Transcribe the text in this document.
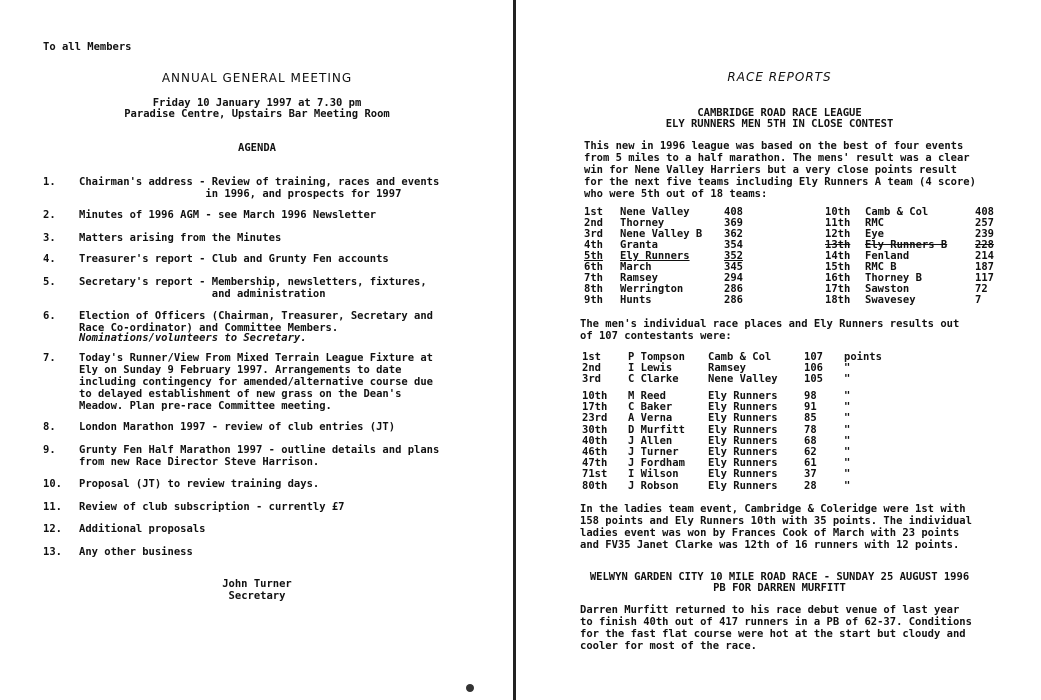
To all Members
ANNUAL GENERAL MEETING
Friday 10 January 1997 at 7.30 pm
Paradise Centre, Upstairs Bar Meeting Room
AGENDA
1. Chairman's address - Review of training, races and events
in 1996, and prospects for 1997
2. Minutes of 1996 AGM - see March 1996 Newsletter
3. Matters arising from the Minutes
4. Treasurer's report - Club and Grunty Fen accounts
5. Secretary's report - Membership, newsletters, fixtures,
and administration
6. Election of Officers (Chairman, Treasurer, Secretary and
Race Co-ordinator) and Committee Members.
Nominations/volunteers to Secretary.
7. Today's Runner/View From Mixed Terrain League Fixture at
Ely on Sunday 9 February 1997. Arrangements to date
including contingency for amended/alternative course due
to delayed establishment of new grass on the Dean's
Meadow. Plan pre-race Committee meeting.
8. London Marathon 1997 - review of club entries (JT)
9. Grunty Fen Half Marathon 1997 - outline details and plans
from new Race Director Steve Harrison.
10. Proposal (JT) to review training days.
11. Review of club subscription - currently £7
12. Additional proposals
13. Any other business
John Turner
Secretary
RACE REPORTS
CAMBRIDGE ROAD RACE LEAGUE
ELY RUNNERS MEN 5TH IN CLOSE CONTEST
This new in 1996 league was based on the best of four events
from 5 miles to a half marathon. The mens' result was a clear
win for Nene Valley Harriers but a very close points result
for the next five teams including Ely Runners A team (4 score)
who were 5th out of 18 teams:
1st Nene Valley	408
2nd Thorney	369
3rd Nene Valley B 362
4th Granta	354
5th Ely Runners	352
6th March	345
7th Ramsey	294
8th Werrington	286
9th Hunts	286
10th Camb & Col	408
11th RMC	257
12th Eye	239
13th Ely Runners B	228
14th Fenland	214
15th RMC B	187
16th Thorney B	117
17th Sawston	72
18th Swavesey	7
The men's individual race places and Ely Runners results out
of 107 contestants were:
1st	P Tompson Camb & Col	107 points
2nd	I Lewis	Ramsey	106 "
3rd	C Clarke	Nene Valley	105 "
10th M Reed	Ely Runners	98	"
17th C Baker	Ely Runners	91	"
23rd A Verna	Ely Runners	85	"
30th D Murfitt Ely Runners	78	"
40th J Allen	Ely Runners	68	"
46th J Turner	Ely Runners	62	"
47th J Fordham Ely Runners	61	"
71st I Wilson	Ely Runners	37	"
80th J Robson	Ely Runners	28	"
In the ladies team event, Cambridge & Coleridge were 1st with
158 points and Ely Runners 10th with 35 points. The individual
ladies event was won by Frances Cook of March with 23 points
and FV35 Janet Clarke was 12th of 16 runners with 12 points.
WELWYN GARDEN CITY 10 MILE ROAD RACE - SUNDAY 25 AUGUST 1996
PB FOR DARREN MURFITT
Darren Murfitt returned to his race debut venue of last year
to finish 40th out of 417 runners in a PB of 62-37. Conditions
for the fast flat course were hot at the start but cloudy and
cooler for most of the race.
